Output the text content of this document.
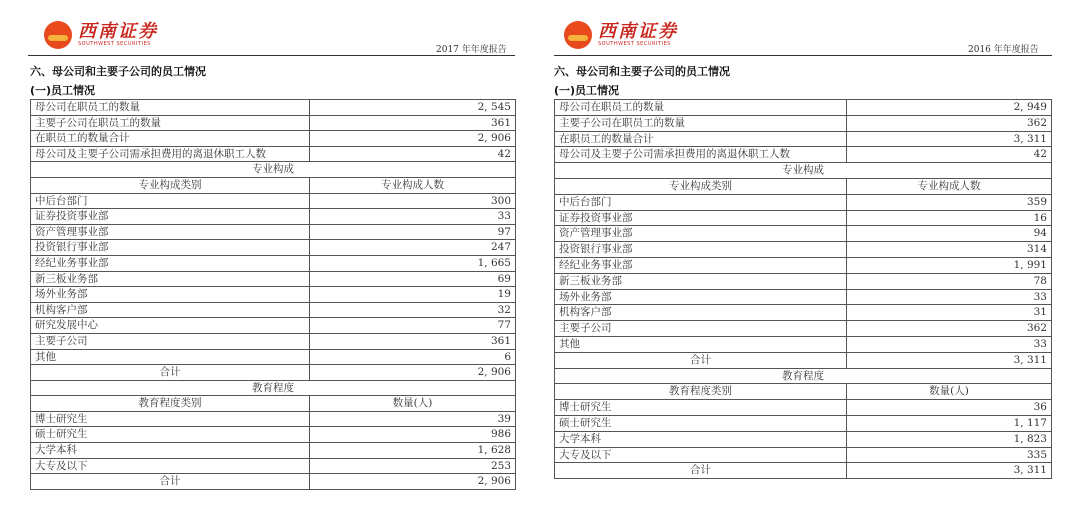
西南证券
SOUTHWEST SECURITIES
2017 年年度报告
六、母公司和主要子公司的员工情况
(一)员工情况
母公司在职员工的数量	2, 545
主要子公司在职员工的数量	361
在职员工的数量合计	2, 906
母公司及主要子公司需承担费用的离退休职工人数	42
专业构成	
专业构成类别	专业构成人数
中后台部门	300
证券投资事业部	33
资产管理事业部	97
投资银行事业部	247
经纪业务事业部	1, 665
新三板业务部	69
场外业务部	19
机构客户部	32
研究发展中心	77
主要子公司	361
其他	6
合计	2, 906
教育程度	
教育程度类别	数量(人)
博士研究生	39
硕士研究生	986
大学本科	1, 628
大专及以下	253
合计	2, 906
西南证券
SOUTHWEST SECURITIES
2016 年年度报告
六、母公司和主要子公司的员工情况
(一)员工情况
母公司在职员工的数量	2, 949
主要子公司在职员工的数量	362
在职员工的数量合计	3, 311
母公司及主要子公司需承担费用的离退休职工人数	42
专业构成	
专业构成类别	专业构成人数
中后台部门	359
证券投资事业部	16
资产管理事业部	94
投资银行事业部	314
经纪业务事业部	1, 991
新三板业务部	78
场外业务部	33
机构客户部	31
主要子公司	362
其他	33
合计	3, 311
教育程度	
教育程度类别	数量(人)
博士研究生	36
硕士研究生	1, 117
大学本科	1, 823
大专及以下	335
合计	3, 311
